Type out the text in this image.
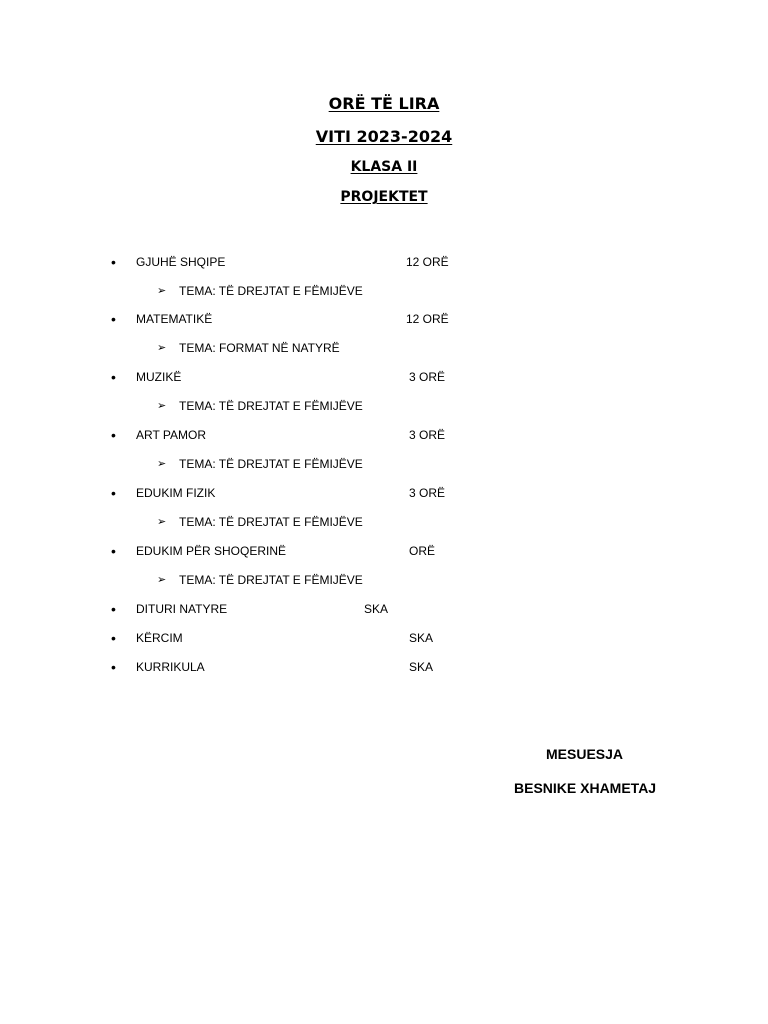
ORË TË LIRA
VITI 2023-2024
KLASA II
PROJEKTET
• GJUHË SHQIPE	12 ORË
➢ TEMA: TË DREJTAT E FËMIJËVE
• MATEMATIKË	12 ORË
➢ TEMA: FORMAT NË NATYRË
• MUZIKË	3 ORË
➢ TEMA: TË DREJTAT E FËMIJËVE
• ART PAMOR	3 ORË
➢ TEMA: TË DREJTAT E FËMIJËVE
• EDUKIM FIZIK	3 ORË
➢ TEMA: TË DREJTAT E FËMIJËVE
• EDUKIM PËR SHOQERINË	ORË
➢ TEMA: TË DREJTAT E FËMIJËVE
• DITURI NATYRE	SKA
• KËRCIM	SKA
• KURRIKULA	SKA
MESUESJA
BESNIKE XHAMETAJ
